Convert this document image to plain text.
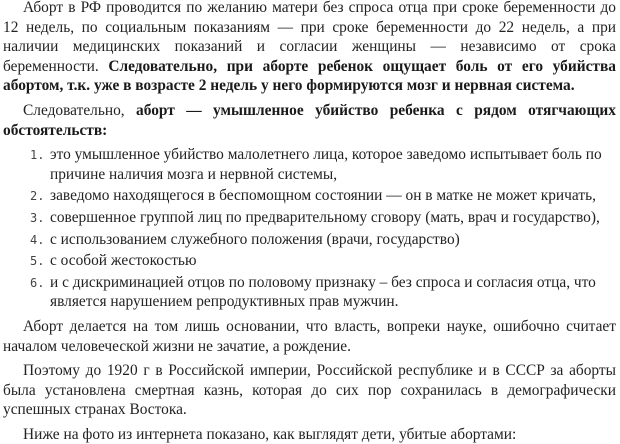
Аборт в РФ проводится по желанию матери без спроса отца при сроке беременности до 12 недель, по социальным показаниям — при сроке беременности до 22 недель, а при наличии медицинских показаний и согласии женщины — независимо от срока беременности. Следовательно, при аборте ребенок ощущает боль от его убийства абортом, т.к. уже в возрасте 2 недель у него формируются мозг и нервная система.

Следовательно, аборт — умышленное убийство ребенка с рядом отягчающих обстоятельств:

1. это умышленное убийство малолетнего лица, которое заведомо испытывает боль по причине наличия мозга и нервной системы,
2. заведомо находящегося в беспомощном состоянии — он в матке не может кричать,
3. совершенное группой лиц по предварительному сговору (мать, врач и государство),
4. с использованием служебного положения (врачи, государство)
5. с особой жестокостью
6. и с дискриминацией отцов по половому признаку – без спроса и согласия отца, что является нарушением репродуктивных прав мужчин.

Аборт делается на том лишь основании, что власть, вопреки науке, ошибочно считает началом человеческой жизни не зачатие, а рождение.

Поэтому до 1920 г в Российской империи, Российской республике и в СССР за аборты была установлена смертная казнь, которая до сих пор сохранилась в демографически успешных странах Востока.

Ниже на фото из интернета показано, как выглядят дети, убитые абортами:
